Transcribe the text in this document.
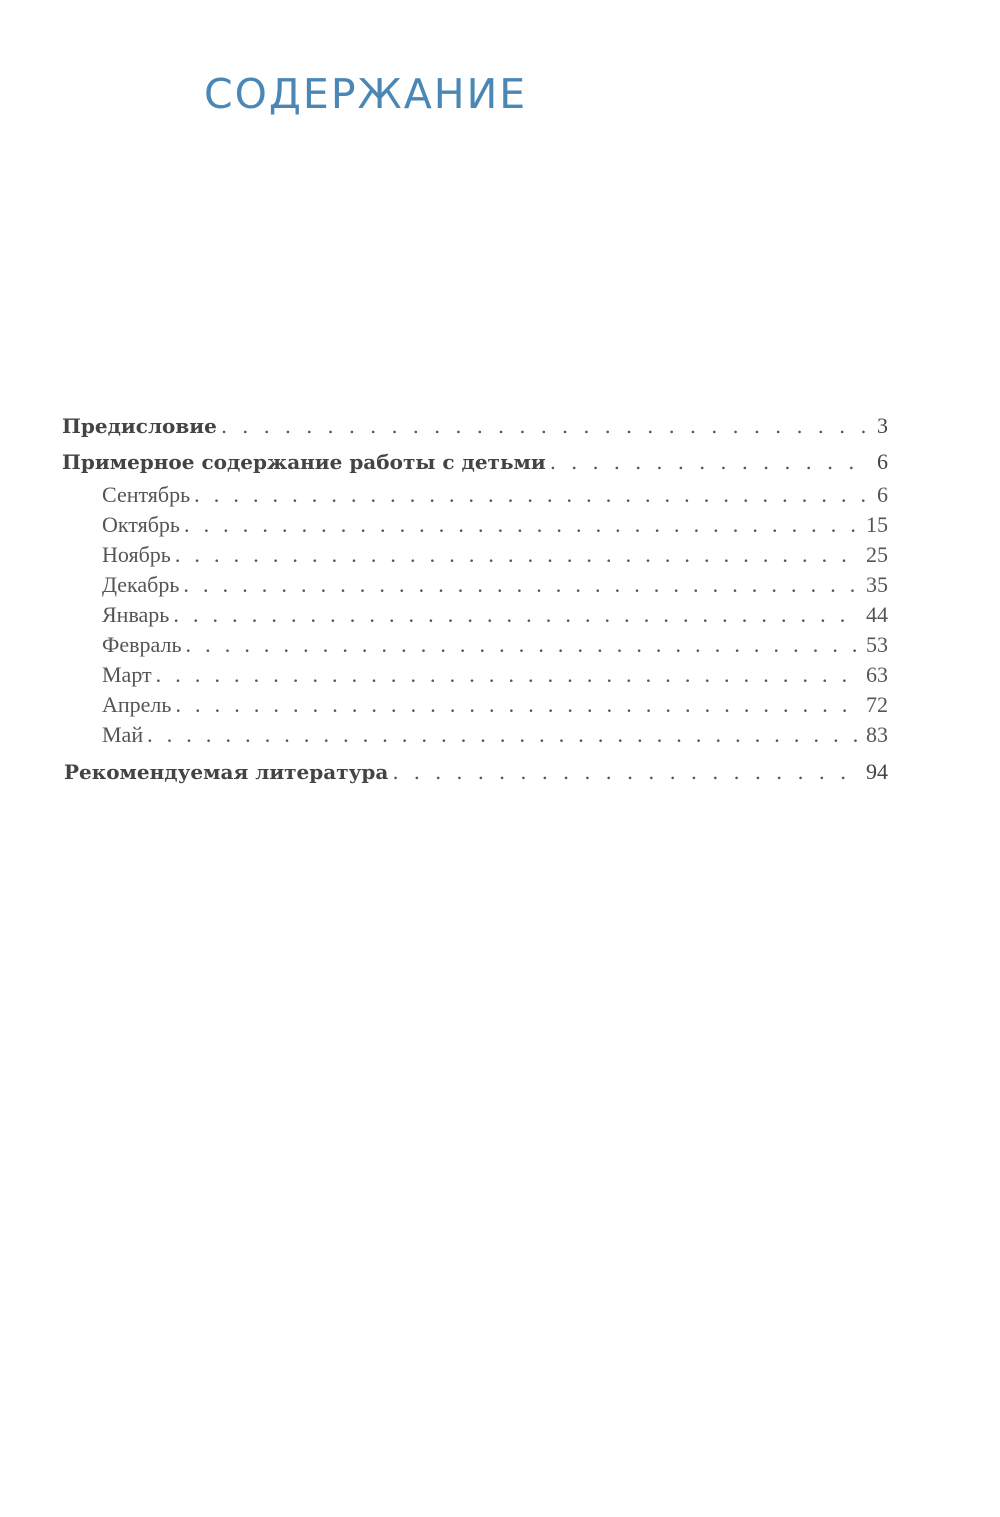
СОДЕРЖАНИЕ
Предисловие . . .	3
Примерное содержание работы с детьми . . .	6
Сентябрь . . .	6
Октябрь . . .	15
Ноябрь . . .	25
Декабрь . . .	35
Январь . . .	44
Февраль . . .	53
Март . . .	63
Апрель . . .	72
Май . . .	83
Рекомендуемая литература . . .	94
